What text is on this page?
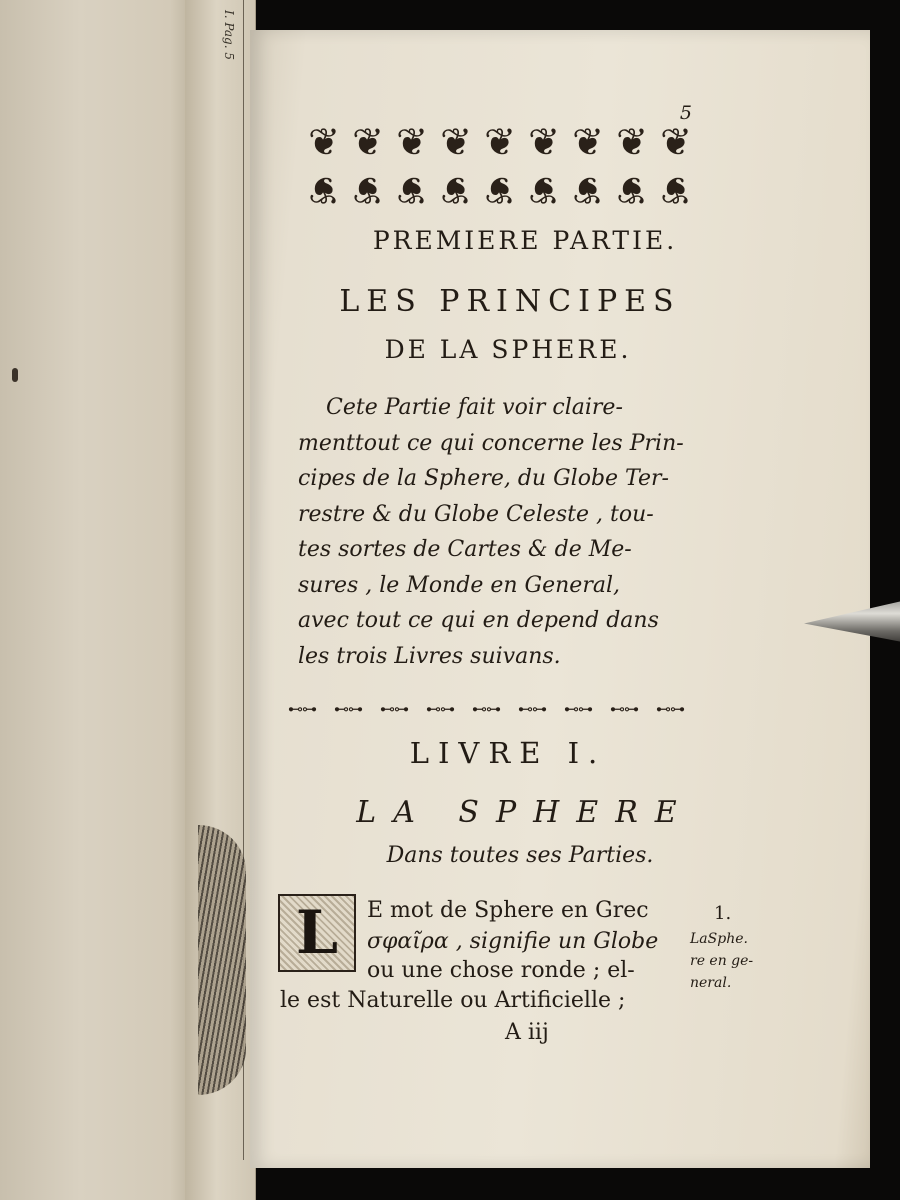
I. Pag. 5
5
❦ ❦ ❦ ❦ ❦ ❦ ❦ ❦ ❦
❦ ❦ ❦ ❦ ❦ ❦ ❦ ❦ ❦
PREMIERE PARTIE.
LES PRINCIPES
DE LA SPHERE.
Cete Partie fait voir claire-
menttout ce qui concerne les Prin-
cipes de la Sphere, du Globe Ter-
restre & du Globe Celeste , tou-
tes sortes de Cartes & de Me-
sures , le Monde en General,
avec tout ce qui en depend dans
les trois Livres suivans.
⊷⊶ ⊷⊶ ⊷⊶ ⊷⊶ ⊷⊶ ⊷⊶ ⊷⊶ ⊷⊶ ⊷⊶
LIVRE I.
LA SPHERE
Dans toutes ses Parties.
L E mot de Sphere en Grec
σφαῖρα , signifie un Globe
ou une chose ronde ; el-
le est Naturelle ou Artificielle ;
1.
LaSphe.
re en ge-
neral.
A iij
